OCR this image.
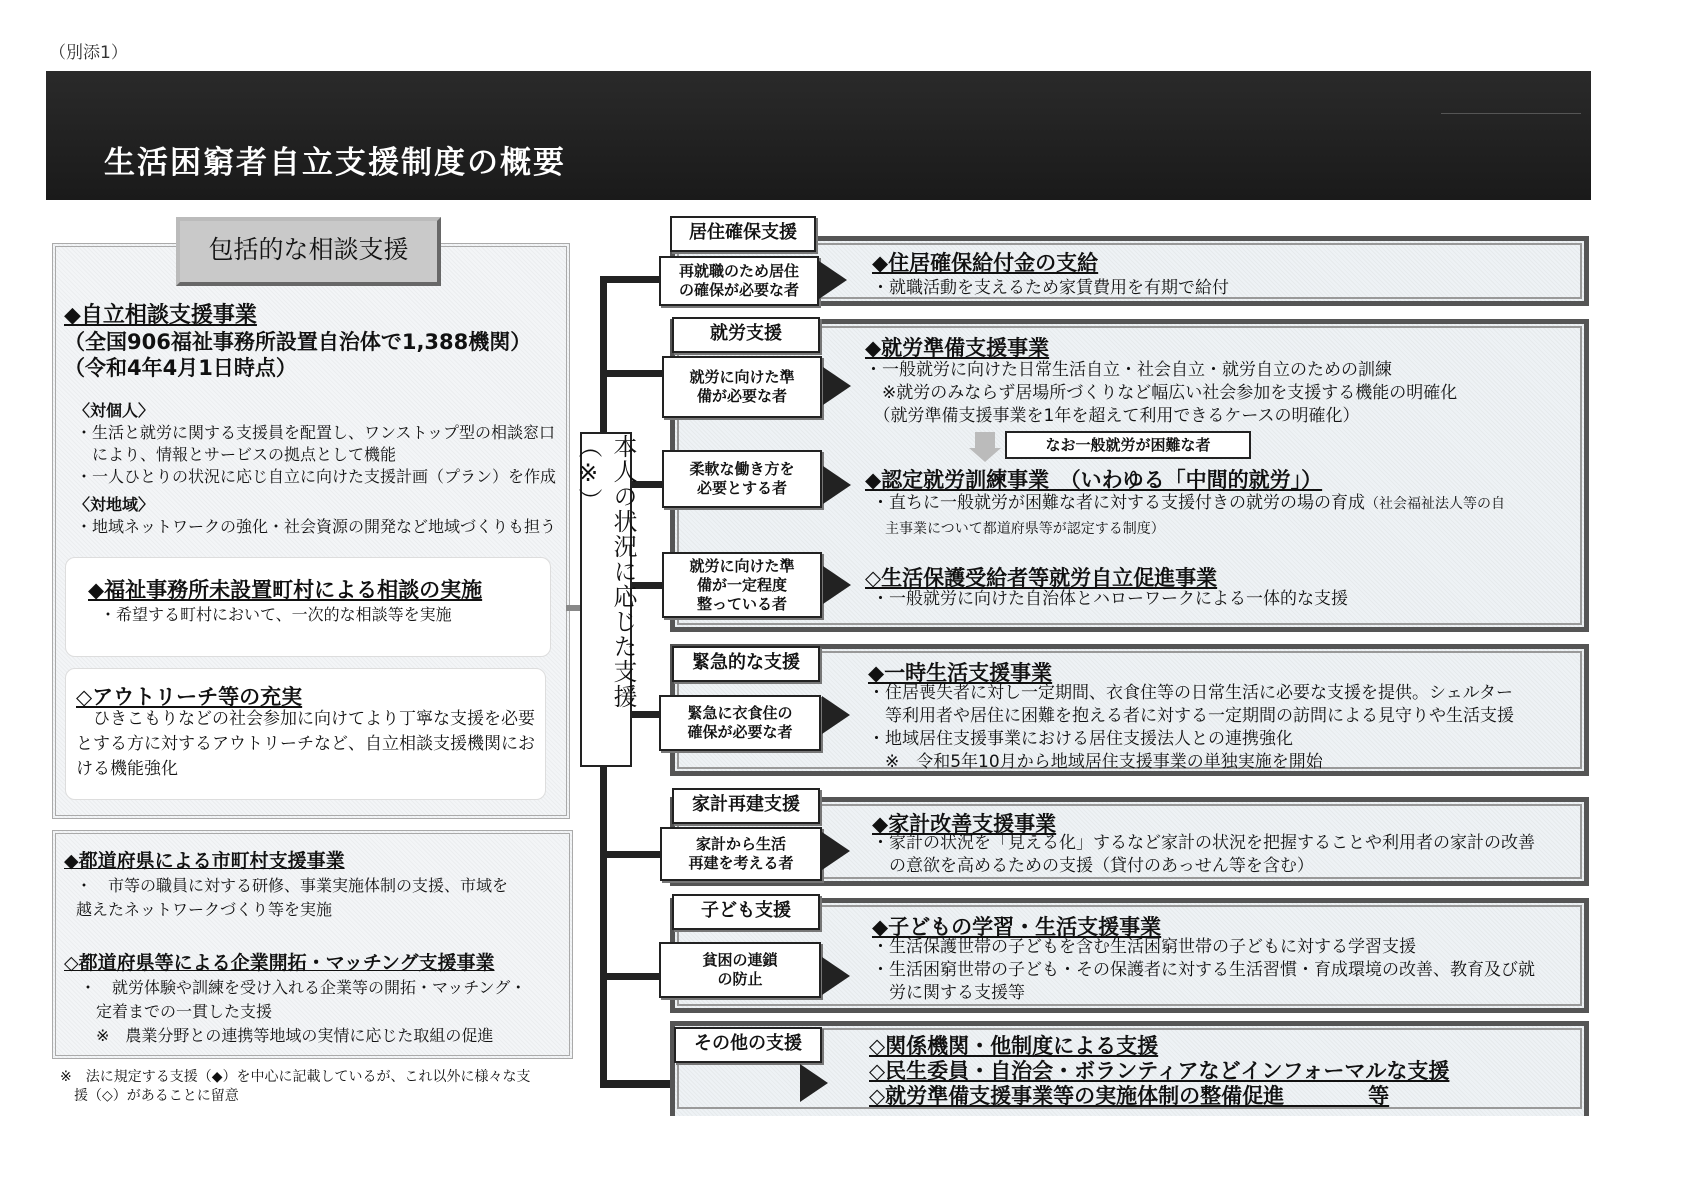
（別添1）
生活困窮者自立支援制度の概要
包括的な相談支援
◆自立相談支援事業
（全国906福祉事務所設置自治体で1,388機関）
（令和4年4月1日時点）
〈対個人〉
・生活と就労に関する支援員を配置し、ワンストップ型の相談窓口
　により、情報とサービスの拠点として機能
・一人ひとりの状況に応じ自立に向けた支援計画（プラン）を作成
〈対地域〉
・地域ネットワークの強化・社会資源の開発など地域づくりも担う
◆福祉事務所未設置町村による相談の実施
・希望する町村において、一次的な相談等を実施
◇アウトリーチ等の充実
　ひきこもりなどの社会参加に向けてより丁寧な支援を必要
とする方に対するアウトリーチなど、自立相談支援機関にお
ける機能強化
◆都道府県による市町村支援事業
・　市等の職員に対する研修、事業実施体制の支援、市域を
越えたネットワークづくり等を実施
◇都道府県等による企業開拓・マッチング支援事業
・　就労体験や訓練を受け入れる企業等の開拓・マッチング・
　定着までの一貫した支援
　※　農業分野との連携等地域の実情に応じた取組の促進
※　法に規定する支援（◆）を中心に記載しているが、これ以外に様々な支
　援（◇）があることに留意
本人の状況に応じた支援（※）
◆住居確保給付金の支給
・就職活動を支えるため家賃費用を有期で給付
居住確保支援
再就職のため居住
の確保が必要な者
◆就労準備支援事業
・一般就労に向けた日常生活自立・社会自立・就労自立のための訓練
　※就労のみならず居場所づくりなど幅広い社会参加を支援する機能の明確化
　（就労準備支援事業を1年を超えて利用できるケースの明確化）
なお一般就労が困難な者
◆認定就労訓練事業　（いわゆる「中間的就労」）
・直ちに一般就労が困難な者に対する支援付きの就労の場の育成（社会福祉法人等の自
主事業について都道府県等が認定する制度）
◇生活保護受給者等就労自立促進事業
・一般就労に向けた自治体とハローワークによる一体的な支援
就労支援
就労に向けた準
備が必要な者
柔軟な働き方を
必要とする者
就労に向けた準
備が一定程度
整っている者
◆一時生活支援事業
・住居喪失者に対し一定期間、衣食住等の日常生活に必要な支援を提供。シェルター
　等利用者や居住に困難を抱える者に対する一定期間の訪問による見守りや生活支援
・地域居住支援事業における居住支援法人との連携強化
　※　令和5年10月から地域居住支援事業の単独実施を開始
緊急的な支援
緊急に衣食住の
確保が必要な者
◆家計改善支援事業
・家計の状況を「見える化」するなど家計の状況を把握することや利用者の家計の改善
　の意欲を高めるための支援（貸付のあっせん等を含む）
家計再建支援
家計から生活
再建を考える者
◆子どもの学習・生活支援事業
・生活保護世帯の子どもを含む生活困窮世帯の子どもに対する学習支援
・生活困窮世帯の子ども・その保護者に対する生活習慣・育成環境の改善、教育及び就
　労に関する支援等
子ども支援
貧困の連鎖
の防止
◇関係機関・他制度による支援
◇民生委員・自治会・ボランティアなどインフォーマルな支援
◇就労準備支援事業等の実施体制の整備促進　　　　等
その他の支援
